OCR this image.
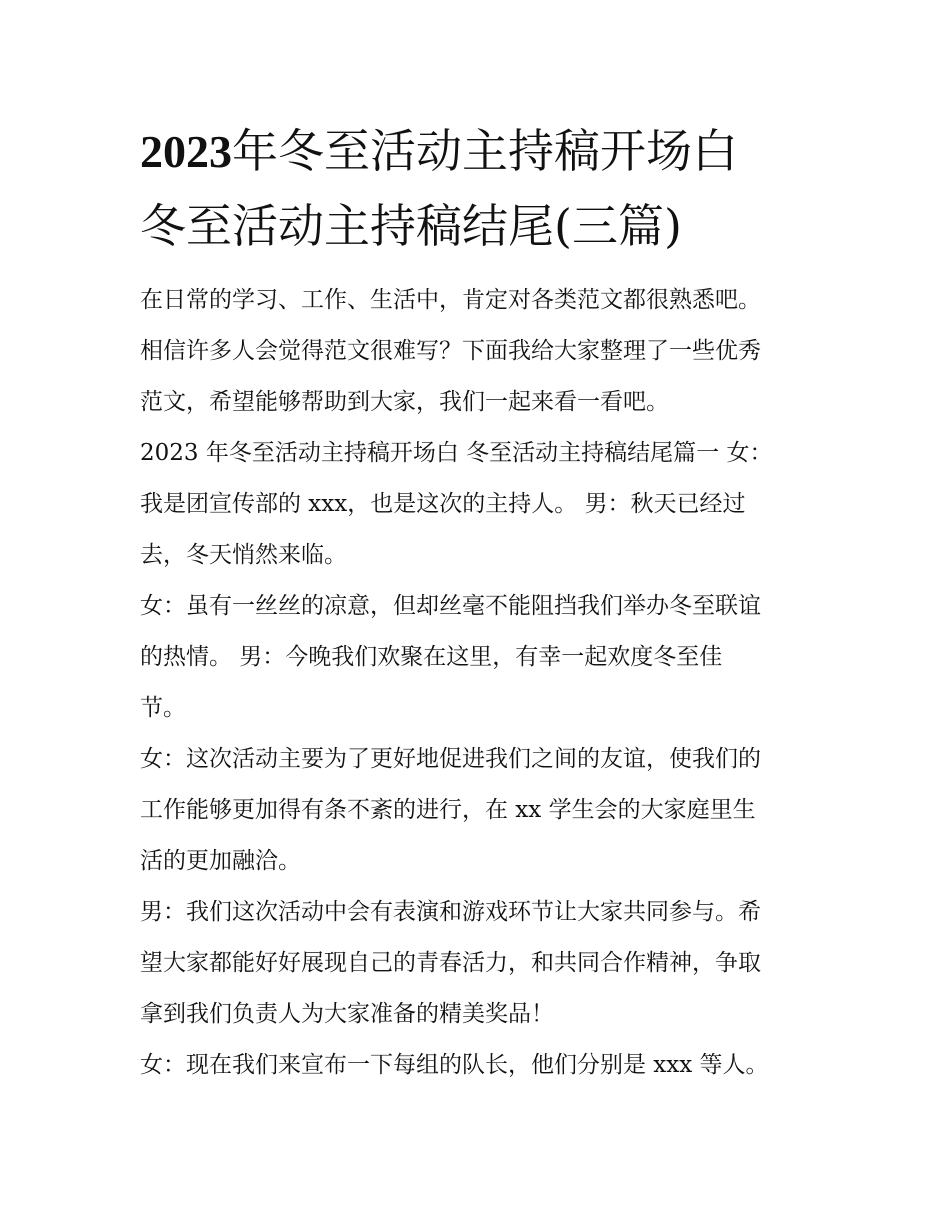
2023年冬至活动主持稿开场白
冬至活动主持稿结尾(三篇)
在日常的学习、工作、生活中，肯定对各类范文都很熟悉吧。
相信许多人会觉得范文很难写？下面我给大家整理了一些优秀
范文，希望能够帮助到大家，我们一起来看一看吧。
2023 年冬至活动主持稿开场白 冬至活动主持稿结尾篇一 女：
我是团宣传部的 xxx，也是这次的主持人。 男：秋天已经过
去，冬天悄然来临。
女：虽有一丝丝的凉意，但却丝毫不能阻挡我们举办冬至联谊
的热情。 男：今晚我们欢聚在这里，有幸一起欢度冬至佳
节。
女：这次活动主要为了更好地促进我们之间的友谊，使我们的
工作能够更加得有条不紊的进行，在 xx 学生会的大家庭里生
活的更加融洽。
男：我们这次活动中会有表演和游戏环节让大家共同参与。希
望大家都能好好展现自己的青春活力，和共同合作精神，争取
拿到我们负责人为大家准备的精美奖品！
女：现在我们来宣布一下每组的队长，他们分别是 xxx 等人。
